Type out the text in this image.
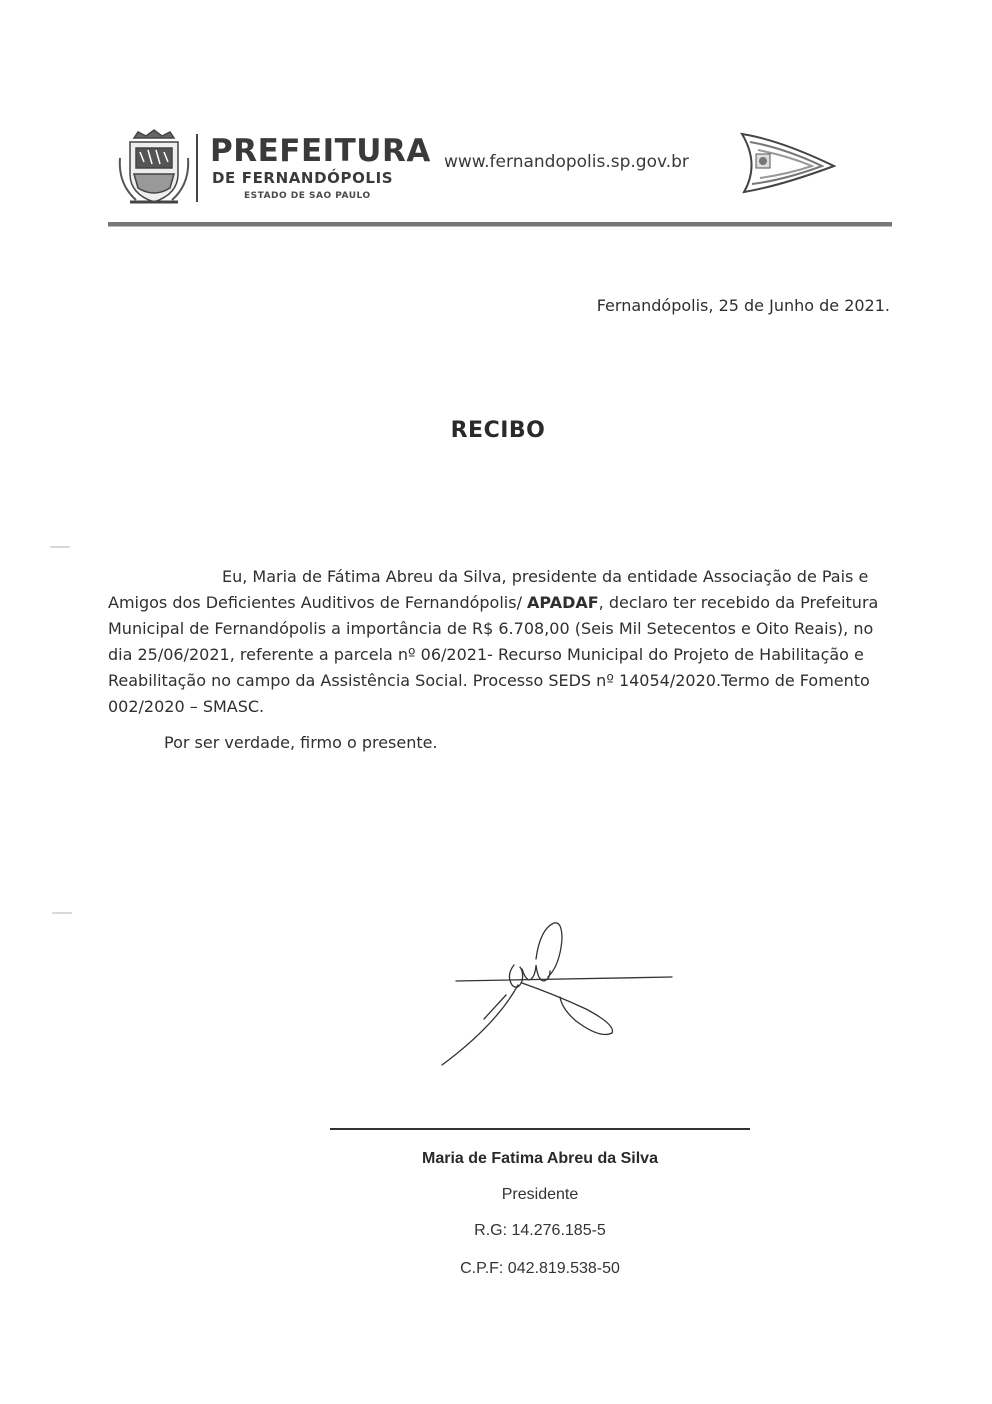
PREFEITURA
DE FERNANDÓPOLIS
ESTADO DE SAO PAULO
www.fernandopolis.sp.gov.br
Fernandópolis, 25 de Junho de 2021.
RECIBO

Eu, Maria de Fátima Abreu da Silva, presidente da entidade Associação de Pais e Amigos dos Deficientes Auditivos de Fernandópolis/ APADAF, declaro ter recebido da Prefeitura Municipal de Fernandópolis a importância de R$ 6.708,00 (Seis Mil Setecentos e Oito Reais), no dia 25/06/2021, referente a parcela nº 06/2021- Recurso Municipal do Projeto de Habilitação e Reabilitação no campo da Assistência Social. Processo SEDS nº 14054/2020.Termo de Fomento 002/2020 – SMASC.

Por ser verdade, firmo o presente.
Maria de Fatima Abreu da Silva
Presidente
R.G: 14.276.185-5
C.P.F: 042.819.538-50
